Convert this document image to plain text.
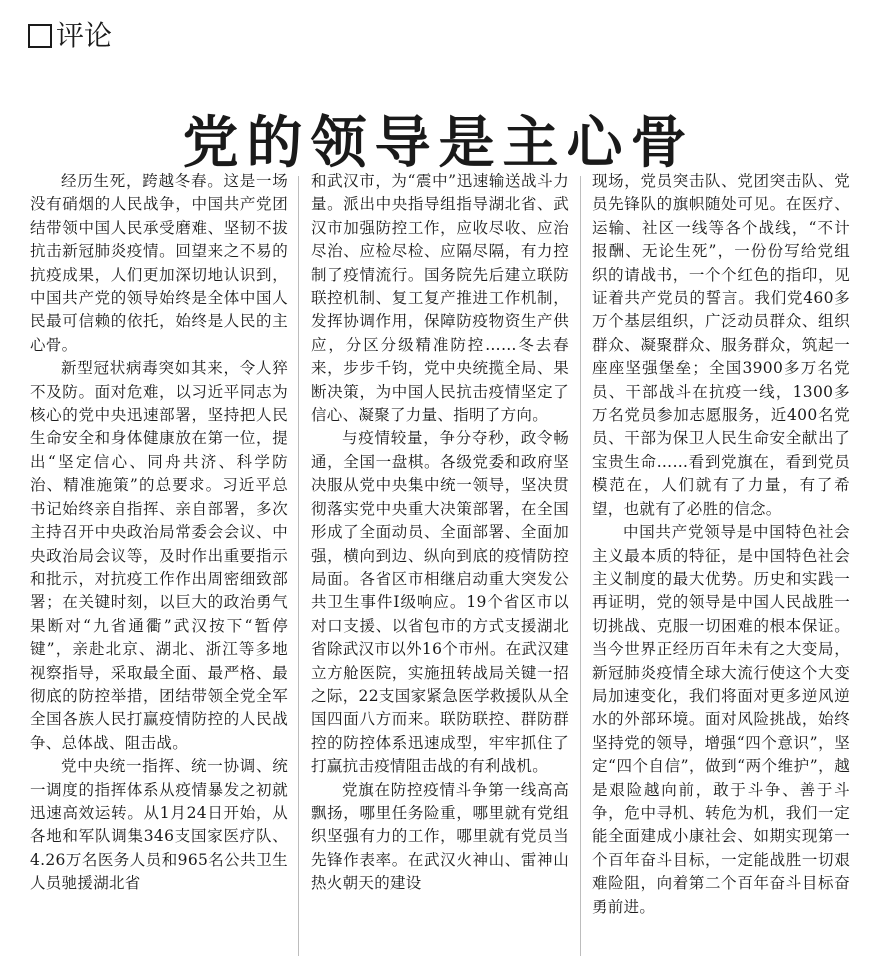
评论
党的领导是主心骨

经历生死，跨越冬春。这是一场没有硝烟的人民战争，中国共产党团结带领中国人民承受磨难、坚韧不拔抗击新冠肺炎疫情。回望来之不易的抗疫成果，人们更加深切地认识到，中国共产党的领导始终是全体中国人民最可信赖的依托，始终是人民的主心骨。

新型冠状病毒突如其来，令人猝不及防。面对危难，以习近平同志为核心的党中央迅速部署，坚持把人民生命安全和身体健康放在第一位，提出“坚定信心、同舟共济、科学防治、精准施策”的总要求。习近平总书记始终亲自指挥、亲自部署，多次主持召开中央政治局常委会会议、中央政治局会议等，及时作出重要指示和批示，对抗疫工作作出周密细致部署；在关键时刻，以巨大的政治勇气果断对“九省通衢”武汉按下“暂停键”，亲赴北京、湖北、浙江等多地视察指导，采取最全面、最严格、最彻底的防控举措，团结带领全党全军全国各族人民打赢疫情防控的人民战争、总体战、阻击战。

党中央统一指挥、统一协调、统一调度的指挥体系从疫情暴发之初就迅速高效运转。从1月24日开始，从各地和军队调集346支国家医疗队、4.26万名医务人员和965名公共卫生人员驰援湖北省

和武汉市，为“震中”迅速输送战斗力量。派出中央指导组指导湖北省、武汉市加强防控工作，应收尽收、应治尽治、应检尽检、应隔尽隔，有力控制了疫情流行。国务院先后建立联防联控机制、复工复产推进工作机制，发挥协调作用，保障防疫物资生产供应，分区分级精准防控……冬去春来，步步千钧，党中央统揽全局、果断决策，为中国人民抗击疫情坚定了信心、凝聚了力量、指明了方向。

与疫情较量，争分夺秒，政令畅通，全国一盘棋。各级党委和政府坚决服从党中央集中统一领导，坚决贯彻落实党中央重大决策部署，在全国形成了全面动员、全面部署、全面加强，横向到边、纵向到底的疫情防控局面。各省区市相继启动重大突发公共卫生事件Ⅰ级响应。19个省区市以对口支援、以省包市的方式支援湖北省除武汉市以外16个市州。在武汉建立方舱医院，实施扭转战局关键一招之际，22支国家紧急医学救援队从全国四面八方而来。联防联控、群防群控的防控体系迅速成型，牢牢抓住了打赢抗击疫情阻击战的有利战机。

党旗在防控疫情斗争第一线高高飘扬，哪里任务险重，哪里就有党组织坚强有力的工作，哪里就有党员当先锋作表率。在武汉火神山、雷神山热火朝天的建设

现场，党员突击队、党团突击队、党员先锋队的旗帜随处可见。在医疗、运输、社区一线等各个战线，“不计报酬、无论生死”，一份份写给党组织的请战书，一个个红色的指印，见证着共产党员的誓言。我们党460多万个基层组织，广泛动员群众、组织群众、凝聚群众、服务群众，筑起一座座坚强堡垒；全国3900多万名党员、干部战斗在抗疫一线，1300多万名党员参加志愿服务，近400名党员、干部为保卫人民生命安全献出了宝贵生命……看到党旗在，看到党员模范在，人们就有了力量，有了希望，也就有了必胜的信念。

中国共产党领导是中国特色社会主义最本质的特征，是中国特色社会主义制度的最大优势。历史和实践一再证明，党的领导是中国人民战胜一切挑战、克服一切困难的根本保证。当今世界正经历百年未有之大变局，新冠肺炎疫情全球大流行使这个大变局加速变化，我们将面对更多逆风逆水的外部环境。面对风险挑战，始终坚持党的领导，增强“四个意识”，坚定“四个自信”，做到“两个维护”，越是艰险越向前，敢于斗争、善于斗争，危中寻机、转危为机，我们一定能全面建成小康社会、如期实现第一个百年奋斗目标，一定能战胜一切艰难险阻，向着第二个百年奋斗目标奋勇前进。
